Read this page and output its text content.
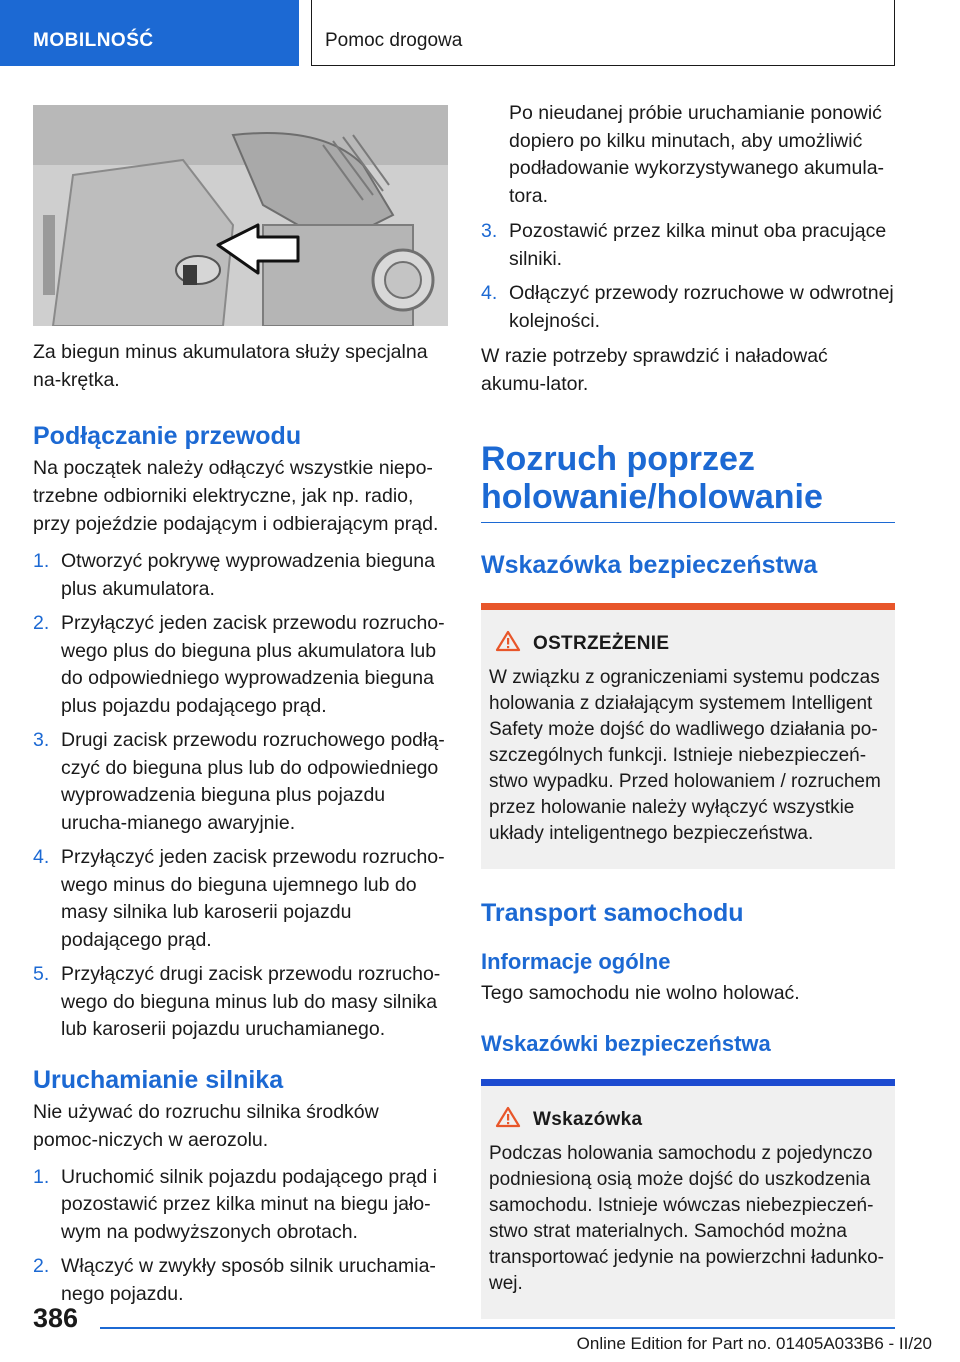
MOBILNOŚĆ	Pomoc drogowa

Za biegun minus akumulatora służy specjalna na-krętka.

Podłączanie przewodu

Na początek należy odłączyć wszystkie niepo-trzebne odbiorniki elektryczne, jak np. radio, przy pojeździe podającym i odbierającym prąd.

1. Otworzyć pokrywę wyprowadzenia bieguna plus akumulatora.
2. Przyłączyć jeden zacisk przewodu rozrucho-wego plus do bieguna plus akumulatora lub do odpowiedniego wyprowadzenia bieguna plus pojazdu podającego prąd.
3. Drugi zacisk przewodu rozruchowego podłą-czyć do bieguna plus lub do odpowiedniego wyprowadzenia bieguna plus pojazdu urucha-mianego awaryjnie.
4. Przyłączyć jeden zacisk przewodu rozrucho-wego minus do bieguna ujemnego lub do masy silnika lub karoserii pojazdu podającego prąd.
5. Przyłączyć drugi zacisk przewodu rozrucho-wego do bieguna minus lub do masy silnika lub karoserii pojazdu uruchamianego.
Uruchamianie silnika

Nie używać do rozruchu silnika środków pomoc-niczych w aerozolu.

1. Uruchomić silnik pojazdu podającego prąd i pozostawić przez kilka minut na biegu jało-wym na podwyższonych obrotach.
2. Włączyć w zwykły sposób silnik uruchamia-nego pojazdu.
Po nieudanej próbie uruchamianie ponowić dopiero po kilku minutach, aby umożliwić podładowanie wykorzystywanego akumula-tora.
3. Pozostawić przez kilka minut oba pracujące silniki.
4. Odłączyć przewody rozruchowe w odwrotnej kolejności.

W razie potrzeby sprawdzić i naładować akumu-lator.

Rozruch poprzez holowanie/holowanie
Wskazówka bezpieczeństwa
OSTRZEŻENIE
W związku z ograniczeniami systemu podczas holowania z działającym systemem Intelligent Safety może dojść do wadliwego działania po-szczególnych funkcji. Istnieje niebezpieczeń-stwo wypadku. Przed holowaniem / rozruchem przez holowanie należy wyłączyć wszystkie układy inteligentnego bezpieczeństwa.
Transport samochodu
Informacje ogólne

Tego samochodu nie wolno holować.

Wskazówki bezpieczeństwa
Wskazówka
Podczas holowania samochodu z pojedynczo podniesioną osią może dojść do uszkodzenia samochodu. Istnieje wówczas niebezpieczeń-stwo strat materialnych. Samochód można transportować jedynie na powierzchni ładunko-wej.
386
Online Edition for Part no. 01405A033B6 - II/20
